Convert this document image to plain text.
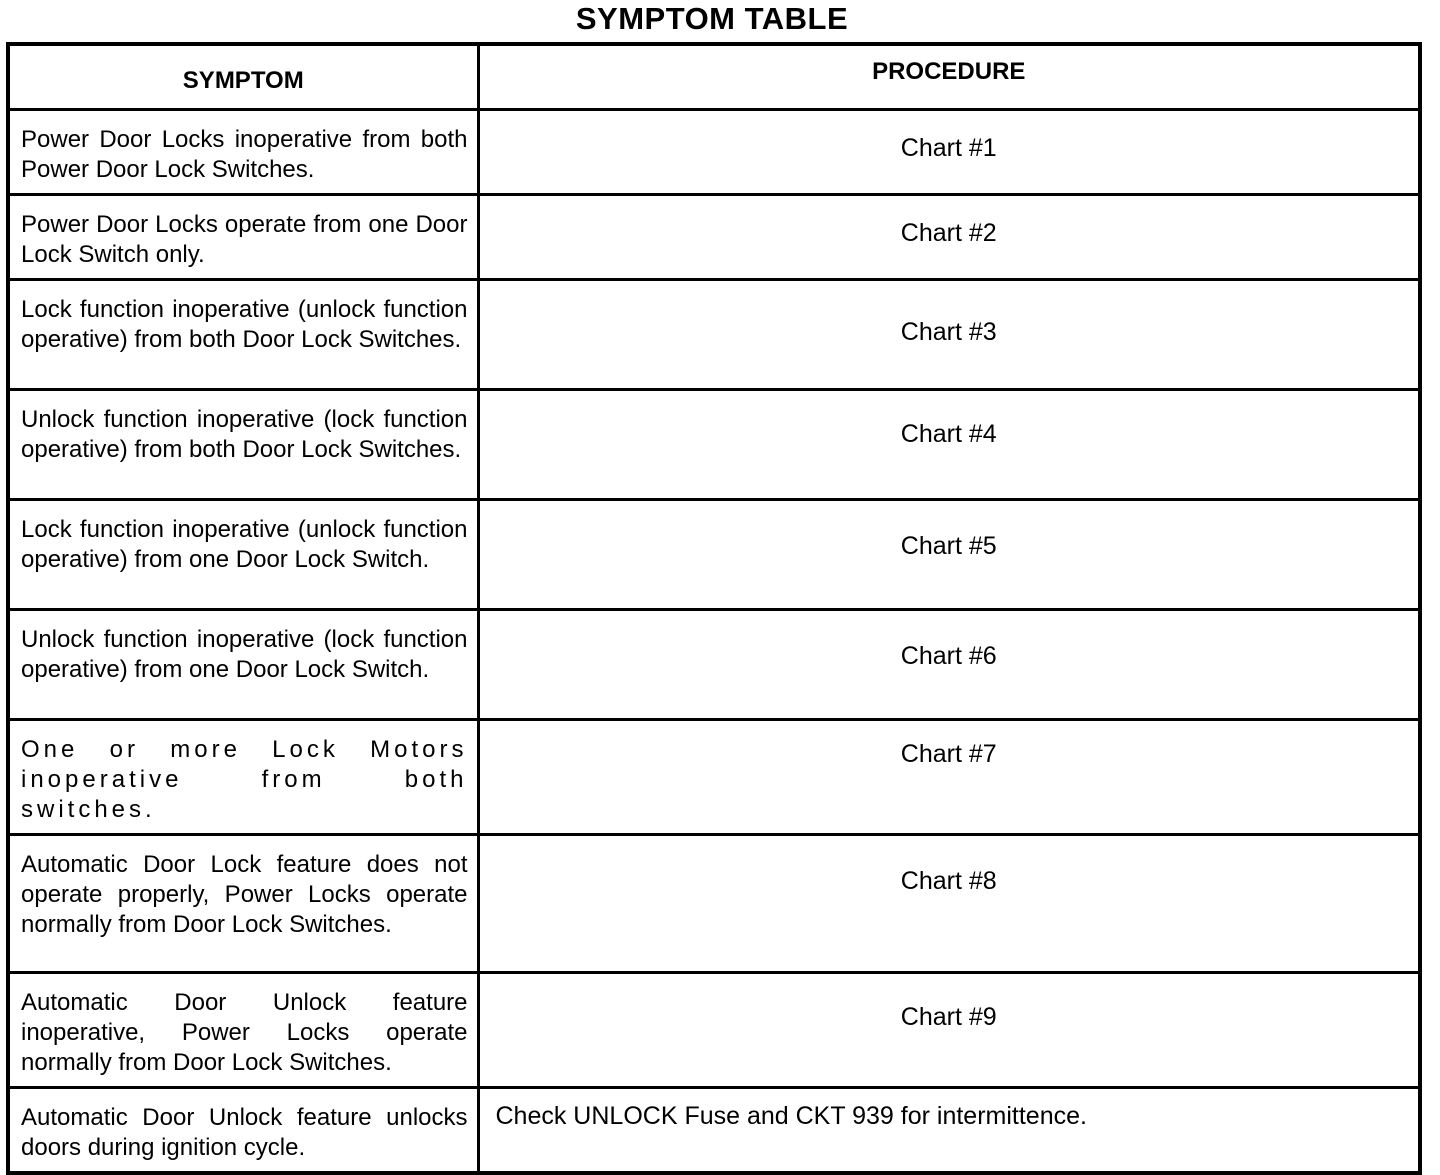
SYMPTOM TABLE
SYMPTOM	PROCEDURE
Power Door Locks inoperative from both Power Door Lock Switches.	Chart #1
Power Door Locks operate from one Door Lock Switch only.	Chart #2
Lock function inoperative (unlock function operative) from both Door Lock Switches.	Chart #3
Unlock function inoperative (lock function operative) from both Door Lock Switches.	Chart #4
Lock function inoperative (unlock function operative) from one Door Lock Switch.	Chart #5
Unlock function inoperative (lock function operative) from one Door Lock Switch.	Chart #6
One or more Lock Motors inoperative from both switches.	Chart #7
Automatic Door Lock feature does not operate properly, Power Locks operate normally from Door Lock Switches.	Chart #8
Automatic Door Unlock feature inoperative, Power Locks operate normally from Door Lock Switches.	Chart #9
Automatic Door Unlock feature unlocks doors during ignition cycle.	Check UNLOCK Fuse and CKT 939 for intermittence.
